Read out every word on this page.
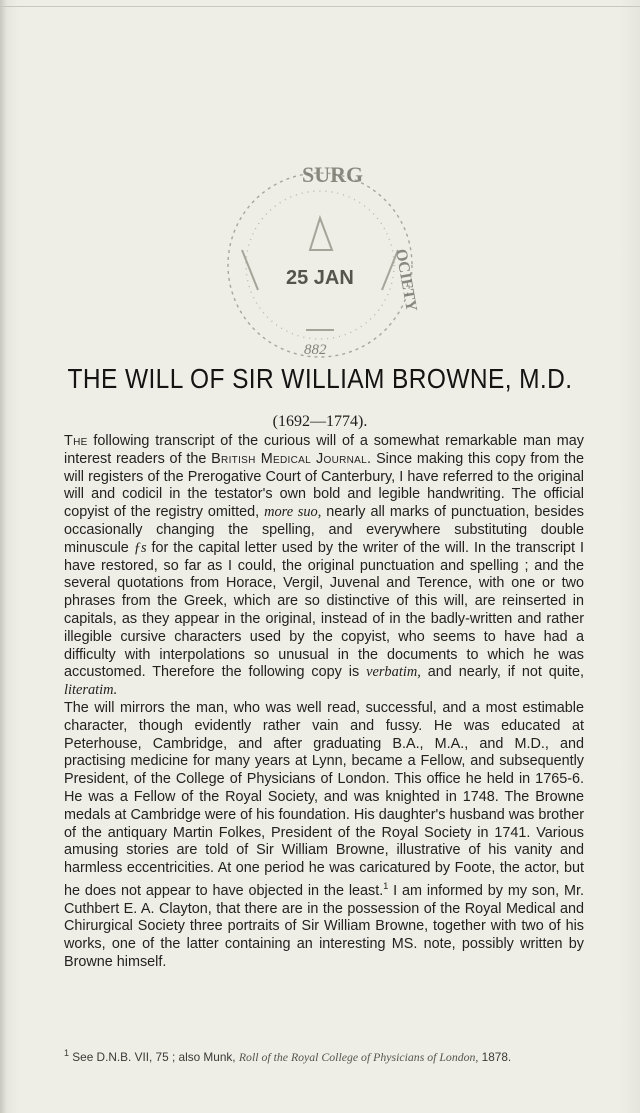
SURG
OCIETY
25 JAN
882
THE WILL OF SIR WILLIAM BROWNE, M.D.
(1692—1774).

The following transcript of the curious will of a somewhat remarkable man may interest readers of the British Medical Journal. Since making this copy from the will registers of the Prerogative Court of Canterbury, I have referred to the original will and codicil in the testator's own bold and legible handwriting. The official copyist of the registry omitted, more suo, nearly all marks of punctuation, besides occasionally changing the spelling, and everywhere substituting double minuscule ƒs for the capital letter used by the writer of the will. In the transcript I have restored, so far as I could, the original punctuation and spelling ; and the several quotations from Horace, Vergil, Juvenal and Terence, with one or two phrases from the Greek, which are so distinctive of this will, are reinserted in capitals, as they appear in the original, instead of in the badly-written and rather illegible cursive characters used by the copyist, who seems to have had a difficulty with interpolations so unusual in the documents to which he was accustomed. Therefore the following copy is verbatim, and nearly, if not quite, literatim.

The will mirrors the man, who was well read, successful, and a most estimable character, though evidently rather vain and fussy. He was educated at Peterhouse, Cambridge, and after graduating B.A., M.A., and M.D., and practising medicine for many years at Lynn, became a Fellow, and subsequently President, of the College of Physicians of London. This office he held in 1765-6. He was a Fellow of the Royal Society, and was knighted in 1748. The Browne medals at Cambridge were of his foundation. His daughter's husband was brother of the antiquary Martin Folkes, President of the Royal Society in 1741. Various amusing stories are told of Sir William Browne, illustrative of his vanity and harmless eccentricities. At one period he was caricatured by Foote, the actor, but he does not appear to have objected in the least.$^1$ I am informed by my son, Mr. Cuthbert E. A. Clayton, that there are in the possession of the Royal Medical and Chirurgical Society three portraits of Sir William Browne, together with two of his works, one of the latter containing an interesting MS. note, possibly written by Browne himself.

$^1$ See D.N.B. VII, 75 ; also Munk, Roll of the Royal College of Physicians of London, 1878.
